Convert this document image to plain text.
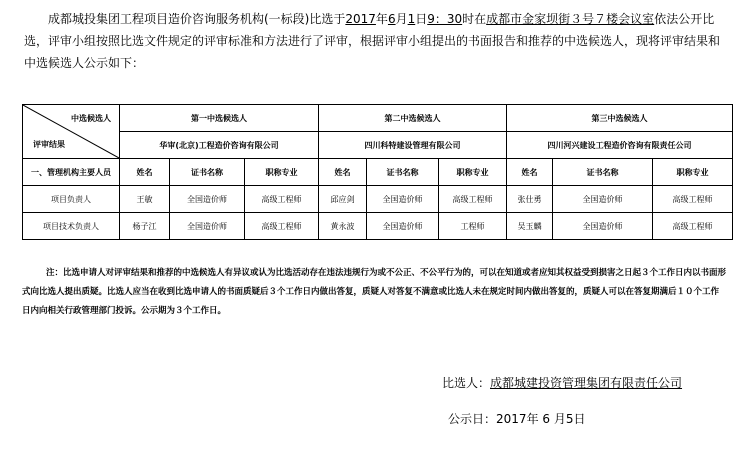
成都城投集团工程项目造价咨询服务机构(一标段)比选于2017年6月1日9：30时在成都市金家坝街３号７楼会议室依法公开比选，评审小组按照比选文件规定的评审标准和方法进行了评审，根据评审小组提出的书面报告和推荐的中选候选人，现将评审结果和中选候选人公示如下：
中选候选人
评审结果	第一中选候选人			第二中选候选人			第三中选候选人		
	华审(北京)工程造价咨询有限公司			四川科特建设管理有限公司			四川河兴建设工程造价咨询有限责任公司		
一、管理机构主要人员	姓名	证书名称	职称专业	姓名	证书名称	职称专业	姓名	证书名称	职称专业
项目负责人	王敏	全国造价师	高级工程师	邱应剑	全国造价师	高级工程师	张仕勇	全国造价师	高级工程师
项目技术负责人	杨子江	全国造价师	高级工程师	黄永波	全国造价师	工程师	吴玉麟	全国造价师	高级工程师
注：比选申请人对评审结果和推荐的中选候选人有异议或认为比选活动存在违法违规行为或不公正、不公平行为的，可以在知道或者应知其权益受到损害之日起３个工作日内以书面形式向比选人提出质疑。比选人应当在收到比选申请人的书面质疑后３个工作日内做出答复，质疑人对答复不满意或比选人未在规定时间内做出答复的，质疑人可以在答复期满后１０个工作日内向相关行政管理部门投诉。公示期为３个工作日。
比选人：成都城建投资管理集团有限责任公司
公示日：2017年 6 月5日
